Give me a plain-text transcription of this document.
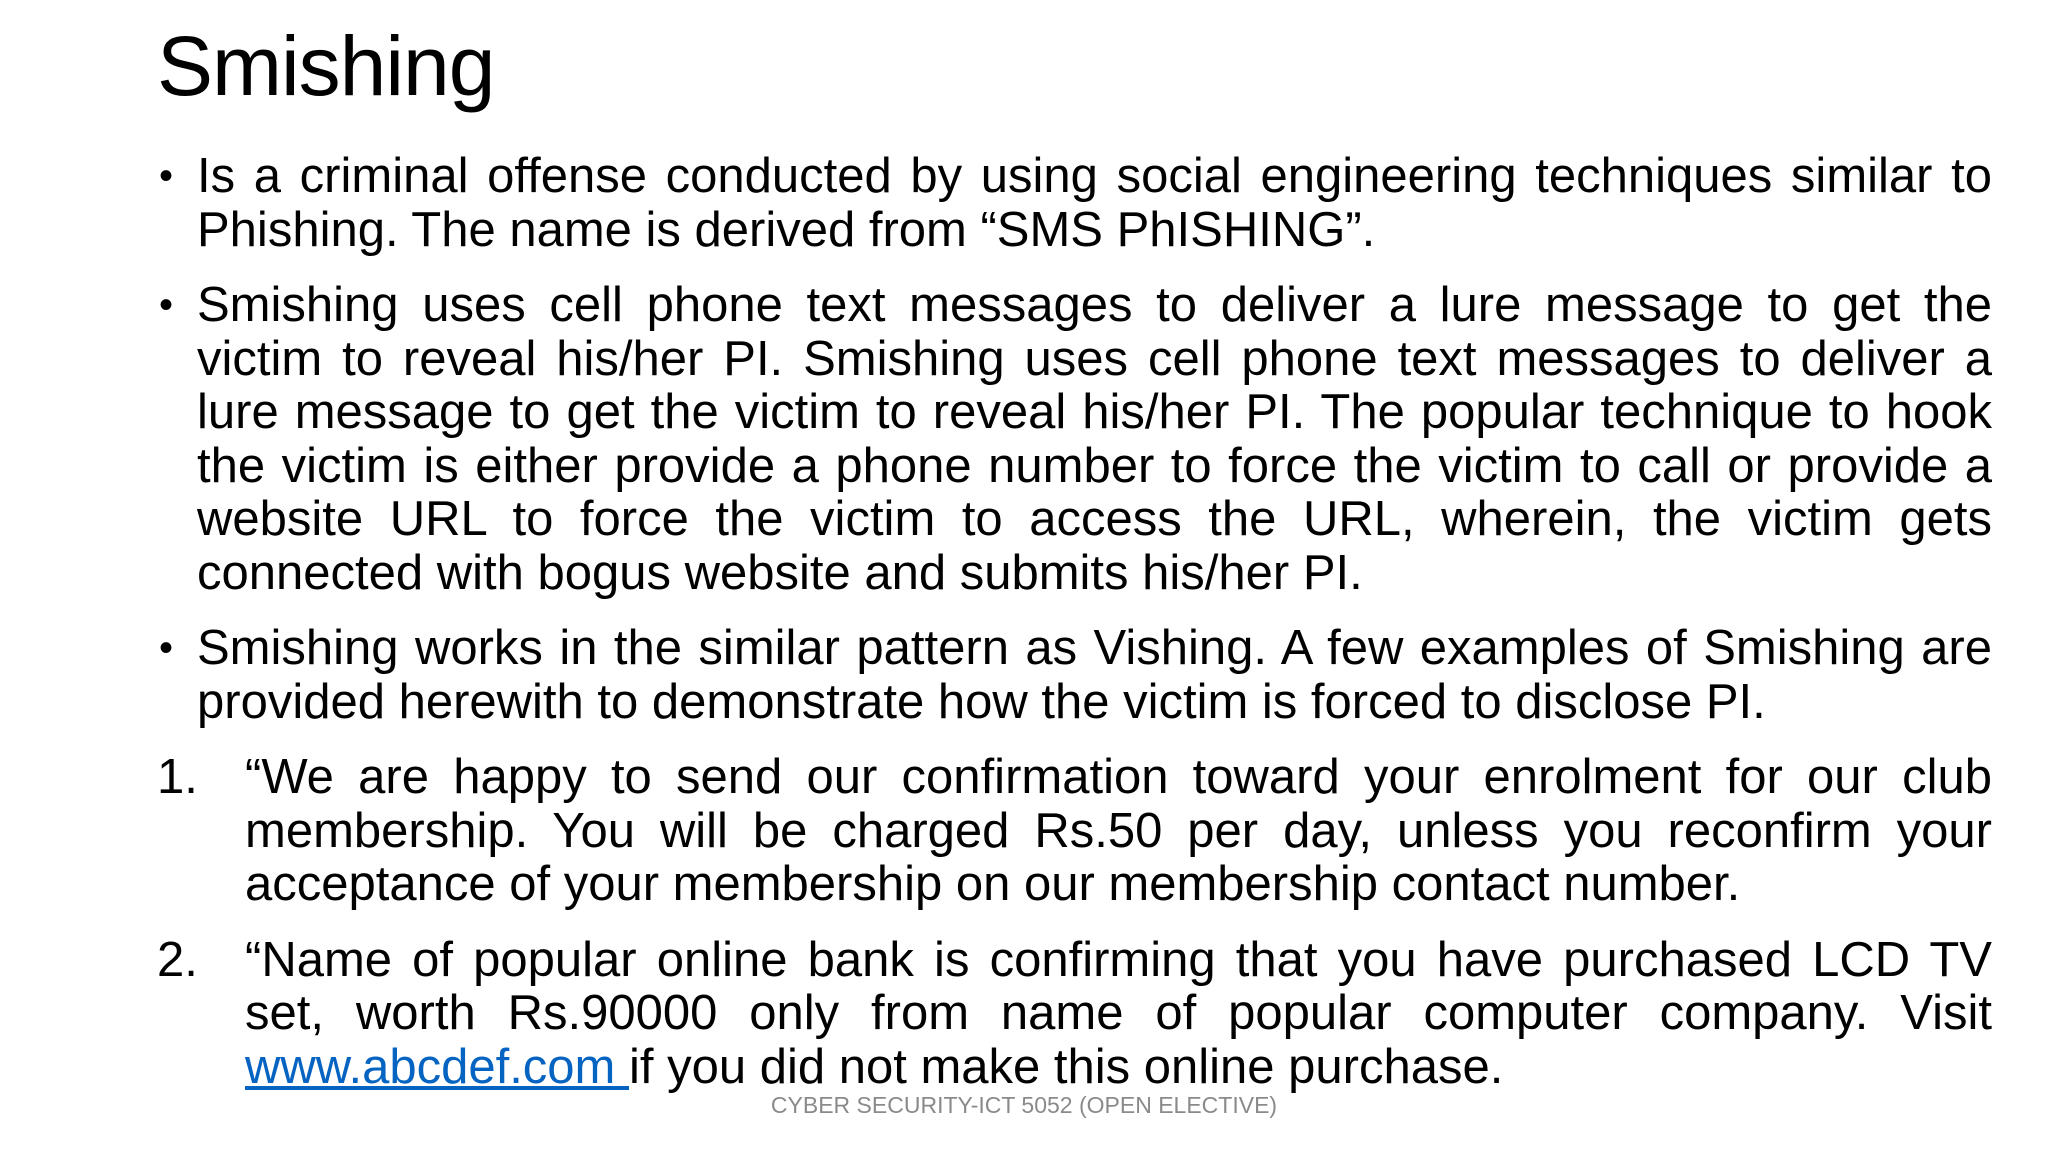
Smishing
• Is a criminal offense conducted by using social engineering techniques similar to Phishing. The name is derived from “SMS PhISHING”.
• Smishing uses cell phone text messages to deliver a lure message to get the victim to reveal his/her PI. Smishing uses cell phone text messages to deliver a lure message to get the victim to reveal his/her PI. The popular technique to hook the victim is either provide a phone number to force the victim to call or provide a website URL to force the victim to access the URL, wherein, the victim gets connected with bogus website and submits his/her PI.
• Smishing works in the similar pattern as Vishing. A few examples of Smishing are provided herewith to demonstrate how the victim is forced to disclose PI.
1. “We are happy to send our confirmation toward your enrolment for our club membership. You will be charged Rs.50 per day, unless you reconfirm your acceptance of your membership on our membership contact number.
2. “Name of popular online bank is confirming that you have purchased LCD TV set, worth Rs.90000 only from name of popular computer company. Visit www.abcdef.com if you did not make this online purchase.
CYBER SECURITY-ICT 5052 (OPEN ELECTIVE)
